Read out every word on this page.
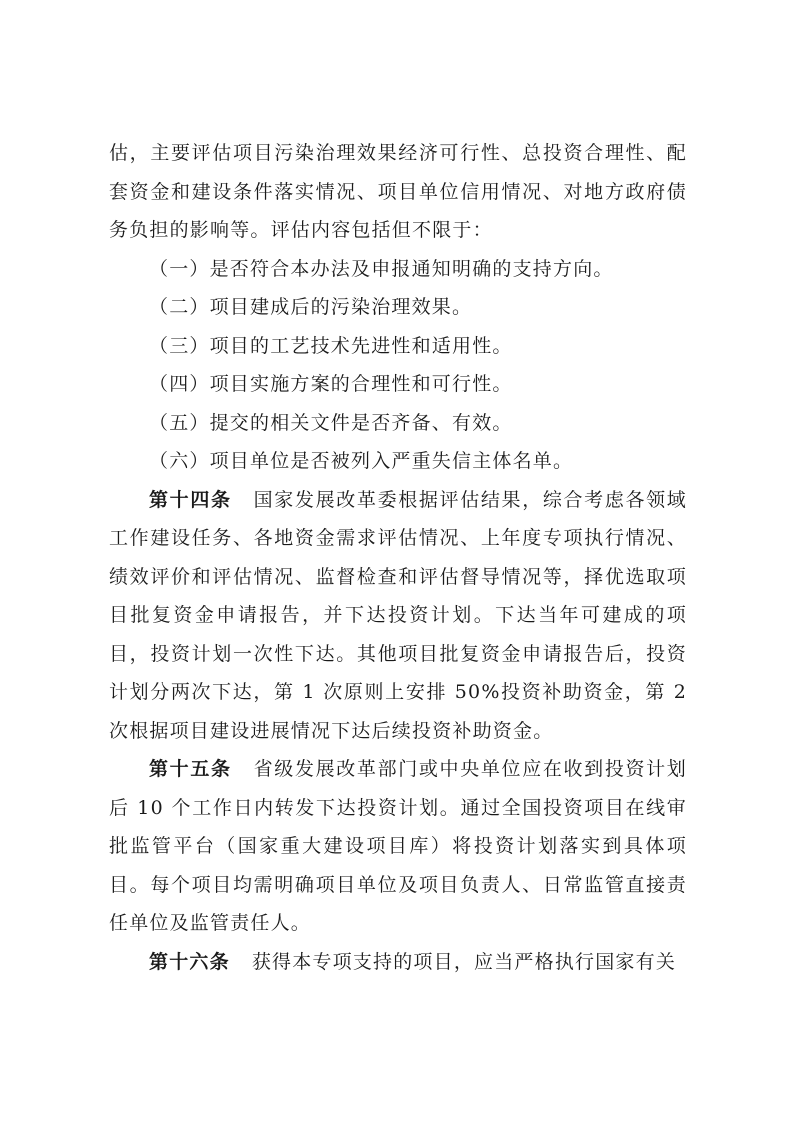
估，主要评估项目污染治理效果经济可行性、总投资合理性、配套资金和建设条件落实情况、项目单位信用情况、对地方政府债务负担的影响等。评估内容包括但不限于：

（一）是否符合本办法及申报通知明确的支持方向。

（二）项目建成后的污染治理效果。

（三）项目的工艺技术先进性和适用性。

（四）项目实施方案的合理性和可行性。

（五）提交的相关文件是否齐备、有效。

（六）项目单位是否被列入严重失信主体名单。

第十四条 国家发展改革委根据评估结果，综合考虑各领域工作建设任务、各地资金需求评估情况、上年度专项执行情况、绩效评价和评估情况、监督检查和评估督导情况等，择优选取项目批复资金申请报告，并下达投资计划。下达当年可建成的项目，投资计划一次性下达。其他项目批复资金申请报告后，投资计划分两次下达，第 1 次原则上安排 50%投资补助资金，第 2 次根据项目建设进展情况下达后续投资补助资金。

第十五条 省级发展改革部门或中央单位应在收到投资计划后 10 个工作日内转发下达投资计划。通过全国投资项目在线审批监管平台（国家重大建设项目库）将投资计划落实到具体项目。每个项目均需明确项目单位及项目负责人、日常监管直接责任单位及监管责任人。

第十六条 获得本专项支持的项目，应当严格执行国家有关
